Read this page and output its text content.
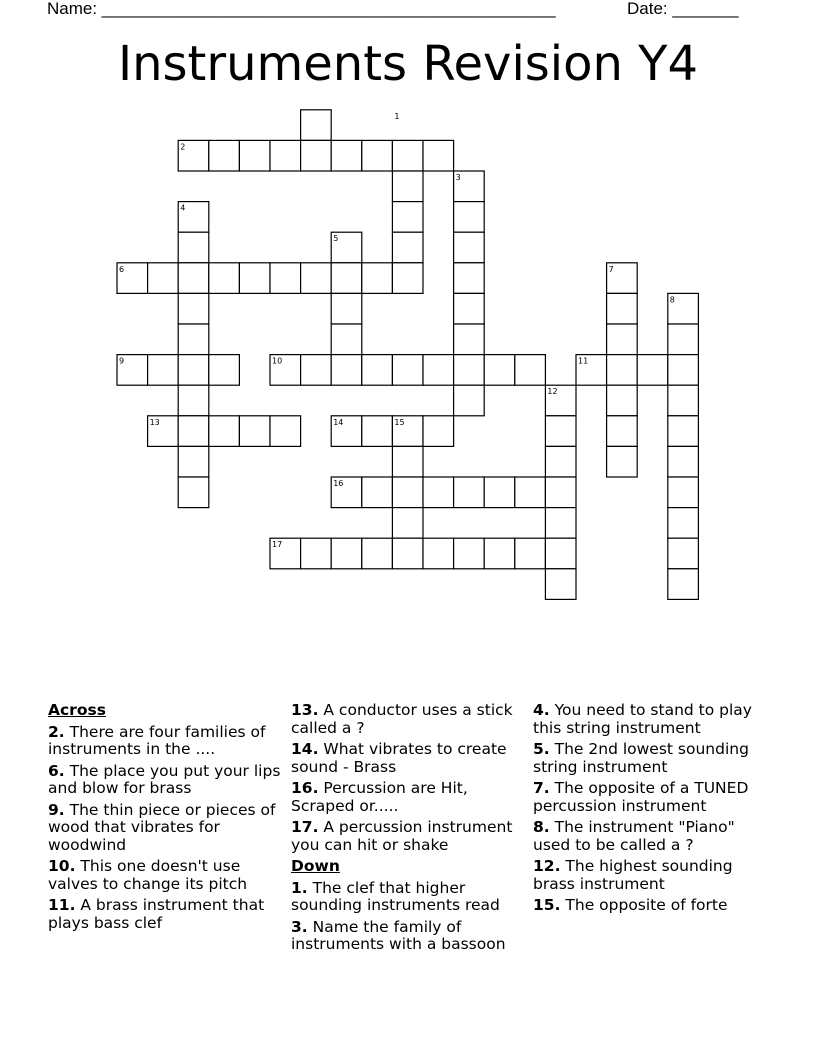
Name: ________________________________________________	Date: _______
Instruments Revision Y4
1
2
3
4
5
6	7
8
9	10	11
12
13	14	15
16
17
Across
2. There are four families of instruments in the ....
6. The place you put your lips and blow for brass
9. The thin piece or pieces of wood that vibrates for woodwind
10. This one doesn't use valves to change its pitch
11. A brass instrument that plays bass clef
13. A conductor uses a stick called a ?
14. What vibrates to create sound - Brass
16. Percussion are Hit, Scraped or.....
17. A percussion instrument you can hit or shake
Down
1. The clef that higher sounding instruments read
3. Name the family of instruments with a bassoon
4. You need to stand to play this string instrument
5. The 2nd lowest sounding string instrument
7. The opposite of a TUNED percussion instrument
8. The instrument "Piano" used to be called a ?
12. The highest sounding brass instrument
15. The opposite of forte
